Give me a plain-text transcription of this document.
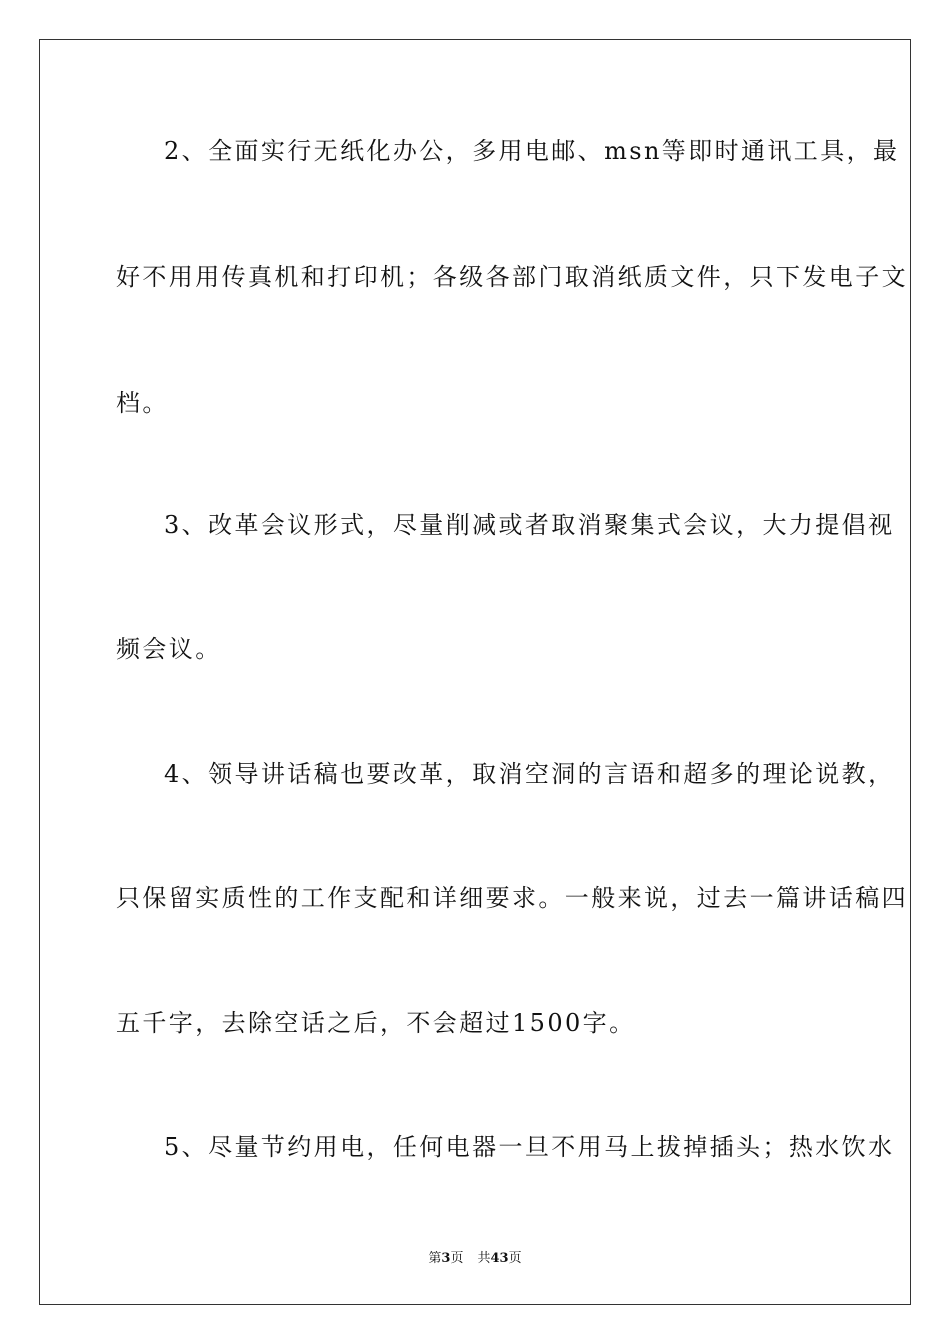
2、全面实行无纸化办公，多用电邮、msn等即时通讯工具，最
好不用用传真机和打印机；各级各部门取消纸质文件，只下发电子文
档。
3、改革会议形式，尽量削减或者取消聚集式会议，大力提倡视
频会议。
4、领导讲话稿也要改革，取消空洞的言语和超多的理论说教，
只保留实质性的工作支配和详细要求。一般来说，过去一篇讲话稿四
五千字，去除空话之后，不会超过1500字。
5、尽量节约用电，任何电器一旦不用马上拔掉插头；热水饮水
第3页 共43页
